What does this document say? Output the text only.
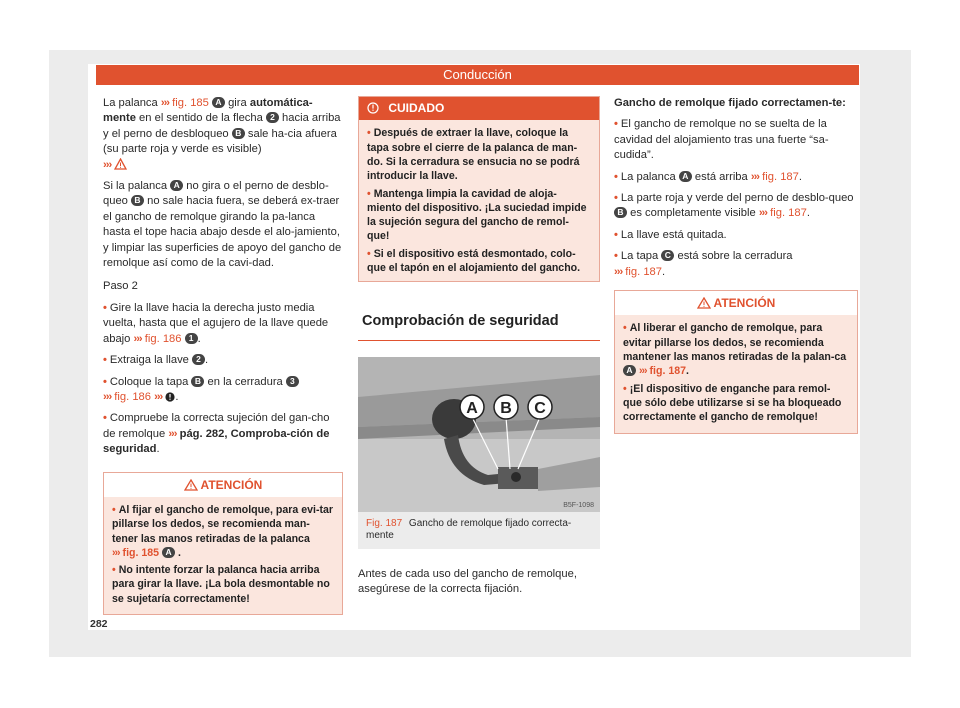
Conducción

La palanca ››› fig. 185 A gira automática-mente en el sentido de la flecha 2 hacia arriba y el perno de desbloqueo B sale ha-cia afuera (su parte roja y verde es visible)
›››

Si la palanca A no gira o el perno de desblo-queo B no sale hacia fuera, se deberá ex-traer el gancho de remolque girando la pa-lanca hasta el tope hacia abajo desde el alo-jamiento, y limpiar las superficies de apoyo del gancho de remolque así como de la cavi-dad.

Paso 2

• Gire la llave hacia la derecha justo media vuelta, hasta que el agujero de la llave quede abajo ››› fig. 186 1 .

• Extraiga la llave 2 .

• Coloque la tapa B en la cerradura 3
››› fig. 186 ››› .

• Compruebe la correcta sujeción del gan-cho de remolque ››› pág. 282, Comproba-ción de seguridad.

ATENCIÓN
• Al fijar el gancho de remolque, para evi-tar pillarse los dedos, se recomienda man-tener las manos retiradas de la palanca
››› fig. 185 A .
• No intente forzar la palanca hacia arriba para girar la llave. ¡La bola desmontable no se sujetaría correctamente!
CUIDADO
• Después de extraer la llave, coloque la tapa sobre el cierre de la palanca de man-do. Si la cerradura se ensucia no se podrá introducir la llave.
• Mantenga limpia la cavidad de aloja-miento del dispositivo. ¡La suciedad impide la sujeción segura del gancho de remol-que!
• Si el dispositivo está desmontado, colo-que el tapón en el alojamiento del gancho.
Comprobación de seguridad
A B C
B5F-1098
Fig. 187 Gancho de remolque fijado correcta-mente

Antes de cada uso del gancho de remolque, asegúrese de la correcta fijación.

Gancho de remolque fijado correctamen-te:

• El gancho de remolque no se suelta de la cavidad del alojamiento tras una fuerte “sa-cudida”.

• La palanca A está arriba ››› fig. 187.

• La parte roja y verde del perno de desblo-queo B es completamente visible ››› fig. 187.

• La llave está quitada.

• La tapa C está sobre la cerradura
››› fig. 187.

ATENCIÓN
• Al liberar el gancho de remolque, para evitar pillarse los dedos, se recomienda mantener las manos retiradas de la palan-ca A ››› fig. 187.
• ¡El dispositivo de enganche para remol-que sólo debe utilizarse si se ha bloqueado correctamente el gancho de remolque!
282
